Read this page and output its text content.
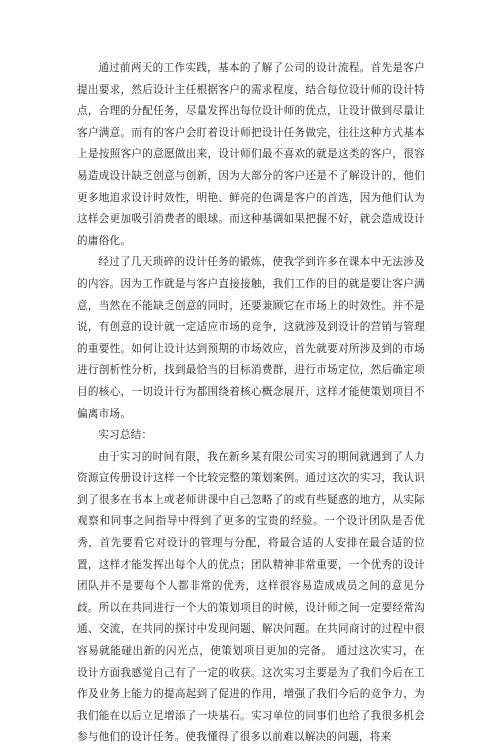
通过前两天的工作实践，基本的了解了公司的设计流程。首先是客户提出要求，然后设计主任根据客户的需求程度，结合每位设计师的设计特点，合理的分配任务，尽量发挥出每位设计师的优点，让设计做到尽量让客户满意。而有的客户会盯着设计师把设计任务做完，往往这种方式基本上是按照客户的意愿做出来，设计师们最不喜欢的就是这类的客户，很容易造成设计缺乏创意与创新，因为大部分的客户还是不了解设计的，他们更多地追求设计时效性，明艳、鲜亮的色调是客户的首选，因为他们认为这样会更加吸引消费者的眼球。而这种基调如果把握不好，就会造成设计的庸俗化。

经过了几天琐碎的设计任务的锻炼，使我学到许多在课本中无法涉及的内容。因为工作就是与客户直接接触，我们工作的目的就是要让客户满意，当然在不能缺乏创意的同时，还要兼顾它在市场上的时效性。并不是说，有创意的设计就一定适应市场的竞争，这就涉及到设计的营销与管理的重要性。如何让设计达到预期的市场效应，首先就要对所涉及到的市场进行剖析性分析，找到最恰当的目标消费群，进行市场定位，然后确定项目的核心，一切设计行为都围绕着核心概念展开，这样才能使策划项目不偏离市场。

实习总结：

由于实习的时间有限，我在新乡某有限公司实习的期间就遇到了人力资源宣传册设计这样一个比较完整的策划案例。通过这次的实习，我认识到了很多在书本上或老师讲课中自己忽略了的或有些疑惑的地方，从实际观察和同事之间指导中得到了更多的宝贵的经验。一个设计团队是否优秀，首先要看它对设计的管理与分配，将最合适的人安排在最合适的位置，这样才能发挥出每个人的优点；团队精神非常重要，一个优秀的设计团队并不是要每个人都非常的优秀，这样很容易造成成员之间的意见分歧。所以在共同进行一个大的策划项目的时候，设计师之间一定要经常沟通、交流，在共同的探讨中发现问题、解决问题。在共同商讨的过程中很容易就能碰出新的闪光点，使策划项目更加的完备。 通过这次实习，在设计方面我感觉自己有了一定的收获。这次实习主要是为了我们今后在工作及业务上能力的提高起到了促进的作用，增强了我们今后的竞争力，为我们能在以后立足增添了一块基石。实习单位的同事们也给了我很多机会参与他们的设计任务。使我懂得了很多以前难以解决的问题，将来
